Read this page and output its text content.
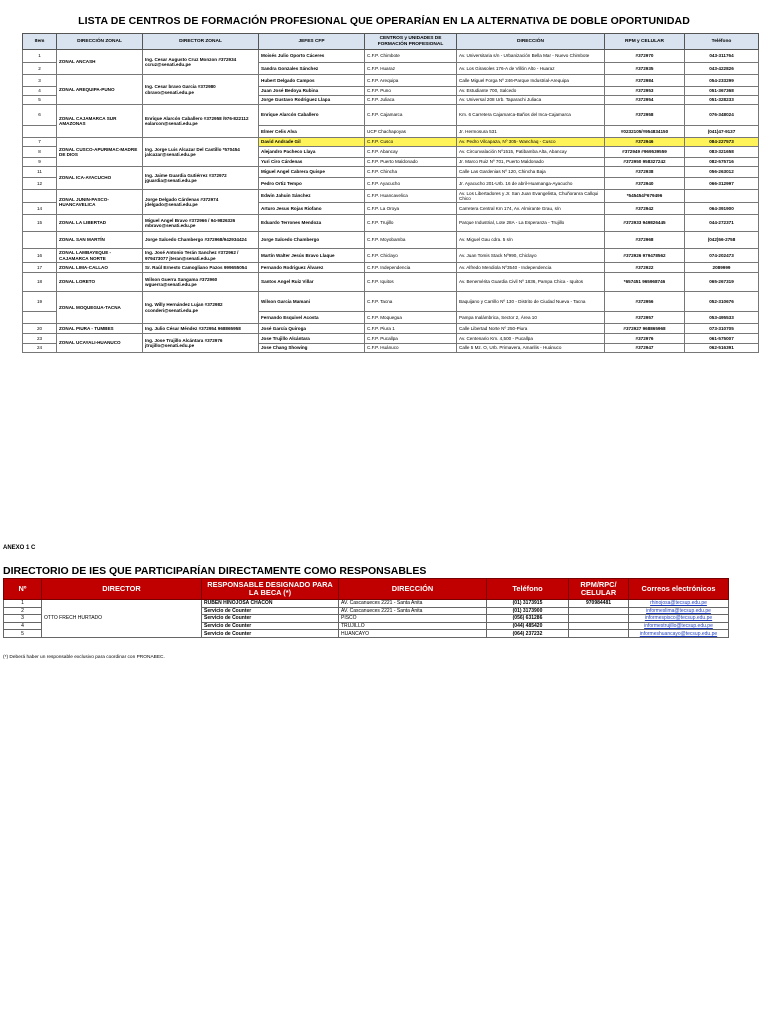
LISTA DE CENTROS DE FORMACIÓN PROFESIONAL QUE OPERARÍAN EN LA ALTERNATIVA DE DOBLE OPORTUNIDAD
Item	DIRECCIÓN ZONAL	DIRECTOR ZONAL	JEFES CFP	CENTROS y UNIDADES DE FORMACIÓN PROFESIONAL	DIRECCIÓN	RPM y CELULAR	Teléfono
1	ZONAL ANCASH	Ing. Cesar Augusto Cruz Monzon #372934 ccruz@senati.edu.pe	Moisés Julio Oporto Cáceres	C.F.P. Chimbote	Av. Universitaria s/n - Urbanización Bella Mar - Nuevo Chimbote	#372970	043-311764
2			Sandra Gonzales Sánchez	C.F.P. Huaraz	Av. Los Girasoles 176-A de Villón Alto - Huaraz	#372935	043-422826
3	ZONAL AREQUIPA-PUNO	Ing. Cesar bravo Garcia #372980 cbravo@senati.edu.pe	Hubert Delgado Campos	C.F.P. Arequipa	Calle Miguel Forga Nº 246-Parque Industrial-Arequipa	#372984	054-233299
4			Juan José Bedoya Rubina	C.F.P. Puno	Av. Estudiante 700, Salcedo	#372953	051-367368
5			Jorge Gustavo Rodriguez Llapa	C.F.P. Juliaca	Av. Universal 208 Urb. Taparachi Juliaca	#372954	051-328233
6	ZONAL CAJAMARCA SUR AMAZONAS	Enrique Alarcón Caballero #372958 /976-822112 ealarcon@senati.edu.pe	Enrique Alarcón Caballero	C.F.P. Cajamarca	Km. 6 Carretera Cajamarca-Baños del Inca-Cajamarca	#372958	076-348024
			Elmer Celis Alva	UCP Chachapoyas	Jr. Hermosura 531	#0232105/#954834150	(041)47-9137
7	ZONAL CUSCO-APURIMAC-MADRE DE DIOS	Ing. Jorge Luis Alcazar Del Castillo *570454 jalcazar@senati.edu.pe	David Andrade Gil	C.F.P. Cusco	Av. Pedro Vilcapaza, Nº 305- Wanchaq - Cusco	#372946	084-227573
8			Alejandro Pacheco Llaya	C.F.P. Abancay	Av. Circunvalación Nº1515, Patibamba Alta, Abancay	#372949 #969539559	083-321658
9			Yuri Ciro Cárdenas	C.F.P. Puerto Maldonado	Jr. Marco Ruiz Nº 701, Puerto Maldonado	#372950 958327242	082-575716
11	ZONAL ICA-AYACUCHO	Ing. Jaime Guardia Gutiérrez #372972 jguardia@senati.edu.pe	Miguel Angel Cabrera Quispe	C.F.P. Chincha	Calle Las Gardenias Nº 120, Chincha Baja	#372938	056-263012
12			Pedro Ortiz Tempo	C.F.P. Ayacucho	Jr. Ayacucho 201-Urb. 16 de abril-Huamanga-Ayacucho	#372940	066-312997
	ZONAL JUNIN-PASCO-HUANCAVELICA	Jorge Delgado Cárdenas #372974 jdelgado@senati.edu.pe	Edwin Jahuin Sánchez	C.F.P. Huancavelica	Av. Los Libertadores y Jr. San Juan Evangelista, Chuñoranra Callqui Chico	*545454/*679496	
14			Arturo Jesus Rojas Riofano	C.F.P. La Oroya	Carretera Central Km 174, Av. Almirante Grau, s/n	#372942	064-391900
15	ZONAL LA LIBERTAD	Miguel Angel Bravo #372966 / 94-9826326 mbravo@senati.edu.pe	Eduardo Terrones Mendoza	C.F.P. Trujillo	Parque Industrial, Lote 28A - La Esperanza - Trujillo	#372933 949826445	044-272371
	ZONAL SAN MARTÍN	Jorge Salcedo Chambergo #372968/942934424	Jorge Salcedo Chambergo	C.F.P. Moyobamba	Av. Miguel Gau cdra. 5 s/n	#372968	(042)56-2758
16	ZONAL LAMBAYEQUE - CAJAMARCA NORTE	Ing. José Antonio Terán Sanchez #372962 / 979473077 jteran@senati.edu.pe	Martín Walter Jesús Bravo Llaque	C.F.P. Chiclayo	Av. Juan Tomis Stack Nº990, Chiclayo	#372926 979478562	074-202473
17	ZONAL LIMA-CALLAO	Sr. Raúl Ernesto Camogliano Pazos 999655054	Fernando Rodriguez Álvarez	C.F.P. Independencia	Av. Alfredo Mendiola Nº3540 - Independencia	#372922	2089999
18	ZONAL LORETO	Wilson Guerra Sangama #372960 wguerra@senati.edu.pe	Santos Angel Ruiz Villar	C.F.P. Iquitos	Av. Benemérita Guardia Civil Nº 1836, Pampa Chica - Iquitos	*657451 965968746	065-267319
19	ZONAL MOQUEGUA-TACNA	Ing. Willy Hernández Lujan #372982 cconderi@senati.edu.pe	Wilson Garcia Mamani	C.F.P. Tacna	Baquijano y Carrillo Nº 130 - Distrito de Ciudad Nueva - Tacna	#372956	052-310676
			Fernando Esquivel Acosta	C.F.P. Moquegua	Pampa Inalámbrica, Sector 2, Área 10	#372957	053-495533
20	ZONAL PIURA - TUMBES	Ing. Julio César Méndez #372954 968865958	José García Quiroga	C.F.P. Piura 1	Calle Libertad Norte Nº 250-Piura	#372927 968865968	073-310705
23	ZONAL UCAYALI-HUANUCO	Ing. Jose Trujillo Alcántara #372976 jtrujillo@senati.edu.pe	Jose Trujillo Alcántara	C.F.P. Pucallpa	Av. Centenario Km. 4,500 - Pucallpa	#372976	061-575007
24			Jose Chang Showing	C.F.P. Huánuco	Calle 5 Mz. O, Urb. Primavera, Amarilis - Huánuco	#372947	062-516391
ANEXO 1 C
DIRECTORIO DE IES QUE PARTICIPARÍAN DIRECTAMENTE COMO RESPONSABLES
Nº	DIRECTOR	RESPONSABLE DESIGNADO PARA LA BECA (*)	DIRECCIÓN	Teléfono	RPM/RPC/ CELULAR	Correos electrónicos
1	OTTO FRECH HURTADO	RUBEN HINOJOSA CHACON	AV. Cascanueces 2221 - Santa Anita	(01) 3173915	970984481	rhinojosa@tecsup.edu.pe
2		Servicio de Counter	AV. Cascanueces 2221 - Santa Anita	(01) 3173900		informeslima@tecsup.edu.pe
3		Servicio de Counter	PISCO	(056) 631286		informespisco@tecsup.edu.pe
4		Servicio de Counter	TRUJILLO	(044) 485420		informestrujillo@tecsup.edu.pe
5		Servicio de Counter	HUANCAYO	(064) 237232		informeshuancayo@tecsup.edu.pe
(*) Deberá haber un responsable exclusivo para coordinar con PRONABEC.
